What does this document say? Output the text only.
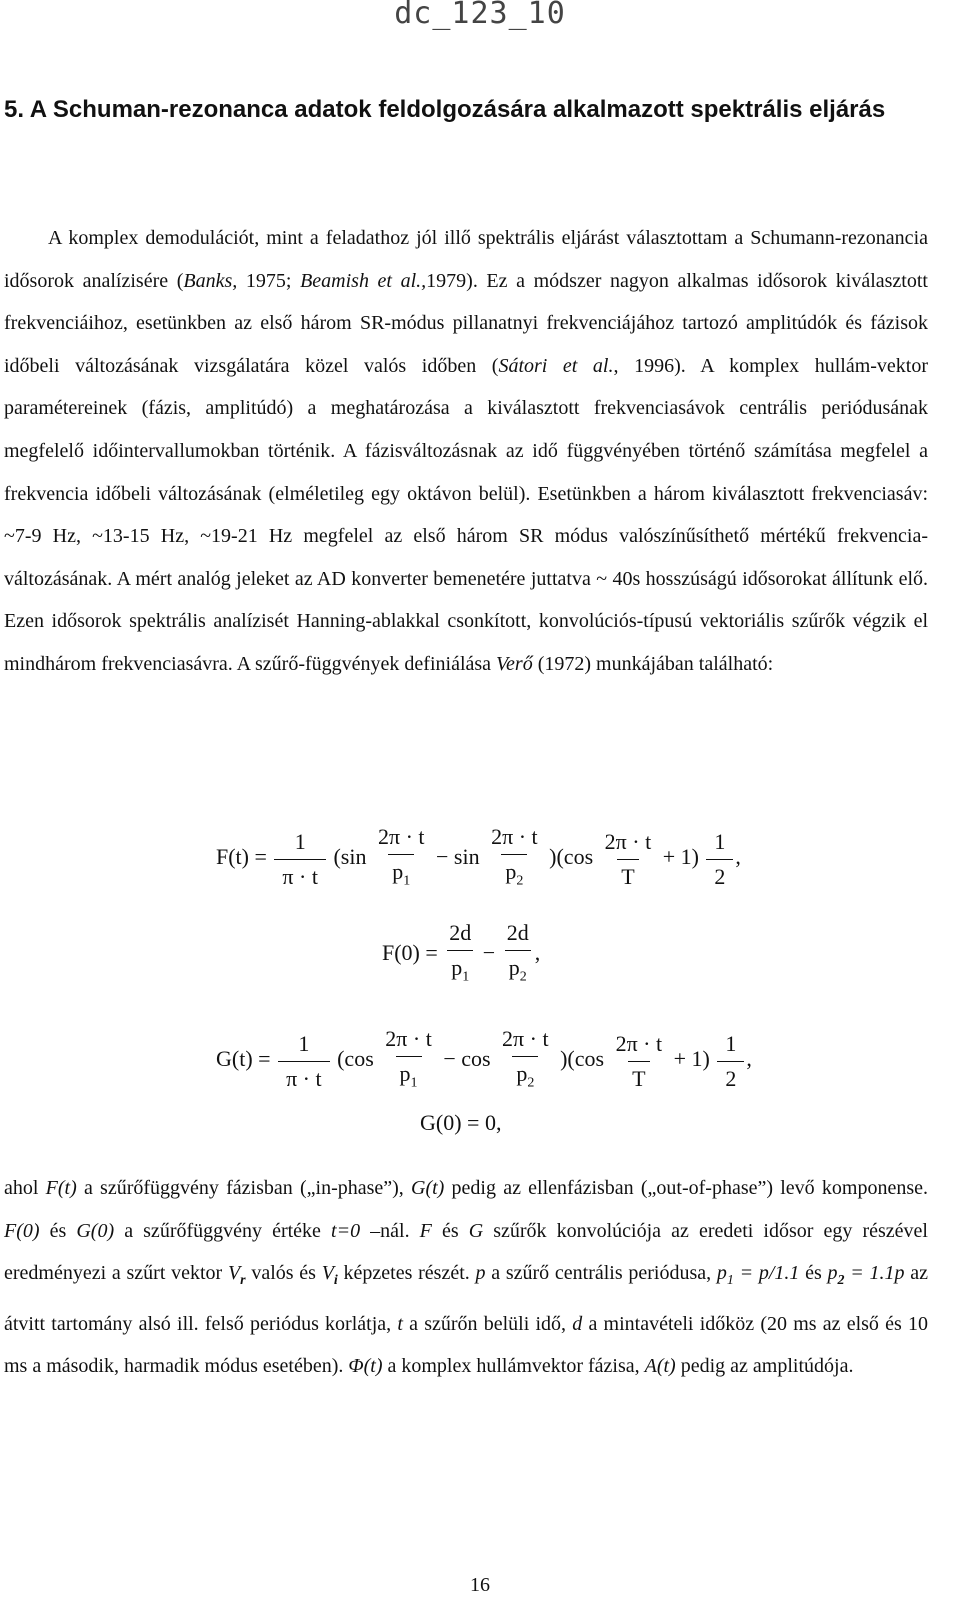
dc_123_10
5. A Schuman-rezonanca adatok feldolgozására alkalmazott spektrális eljárás
A komplex demodulációt, mint a feladathoz jól illő spektrális eljárást választottam a Schumann-rezonancia idősorok analízisére (Banks, 1975; Beamish et al.,1979). Ez a módszer nagyon alkalmas idősorok kiválasztott frekvenciáihoz, esetünkben az első három SR-módus pillanatnyi frekvenciájához tartozó amplitúdók és fázisok időbeli változásának vizsgálatára közel valós időben (Sátori et al., 1996). A komplex hullám-vektor paramétereinek (fázis, amplitúdó) a meghatározása a kiválasztott frekvenciasávok centrális periódusának megfelelő időintervallumokban történik. A fázisváltozásnak az idő függvényében történő számítása megfelel a frekvencia időbeli változásának (elméletileg egy oktávon belül). Esetünkben a három kiválasztott frekvenciasáv: ~7-9 Hz, ~13-15 Hz, ~19-21 Hz megfelel az első három SR módus valószínűsíthető mértékű frekvencia-változásának. A mért analóg jeleket az AD konverter bemenetére juttatva ~ 40s hosszúságú idősorokat állítunk elő. Ezen idősorok spektrális analízisét Hanning-ablakkal csonkított, konvolúciós-típusú vektoriális szűrők végzik el mindhárom frekvenciasávra. A szűrő-függvények definiálása Verő (1972) munkájában található:
$F(t) = \frac{1}{\pi \cdot t} (\sin \frac{2\pi \cdot t}{p_1} - \sin \frac{2\pi \cdot t}{p_2} )(\cos \frac{2\pi \cdot t}{T} + 1) \frac{1}{2}$ ,
$F(0) = \frac{2d}{p_1} - \frac{2d}{p_2}$ ,
$G(t) = \frac{1}{\pi \cdot t} (\cos \frac{2\pi \cdot t}{p_1} - \cos \frac{2\pi \cdot t}{p_2} )(\cos \frac{2\pi \cdot t}{T} + 1) \frac{1}{2}$ ,
G(0) = 0,
ahol F(t) a szűrőfüggvény fázisban („in-phase”), G(t) pedig az ellenfázisban („out-of-phase”) levő komponense. F(0) és G(0) a szűrőfüggvény értéke t=0 –nál. F és G szűrők konvolúciója az eredeti idősor egy részével eredményezi a szűrt vektor $V_r$ valós és $V_i$ képzetes részét. p a szűrő centrális periódusa, $p_1 = p/1.1$ és $p_2 = 1.1p$ az átvitt tartomány alsó ill. felső periódus korlátja, t a szűrőn belüli idő, d a mintavételi időköz (20 ms az első és 10 ms a második, harmadik módus esetében). Φ(t) a komplex hullámvektor fázisa, A(t) pedig az amplitúdója.
16
